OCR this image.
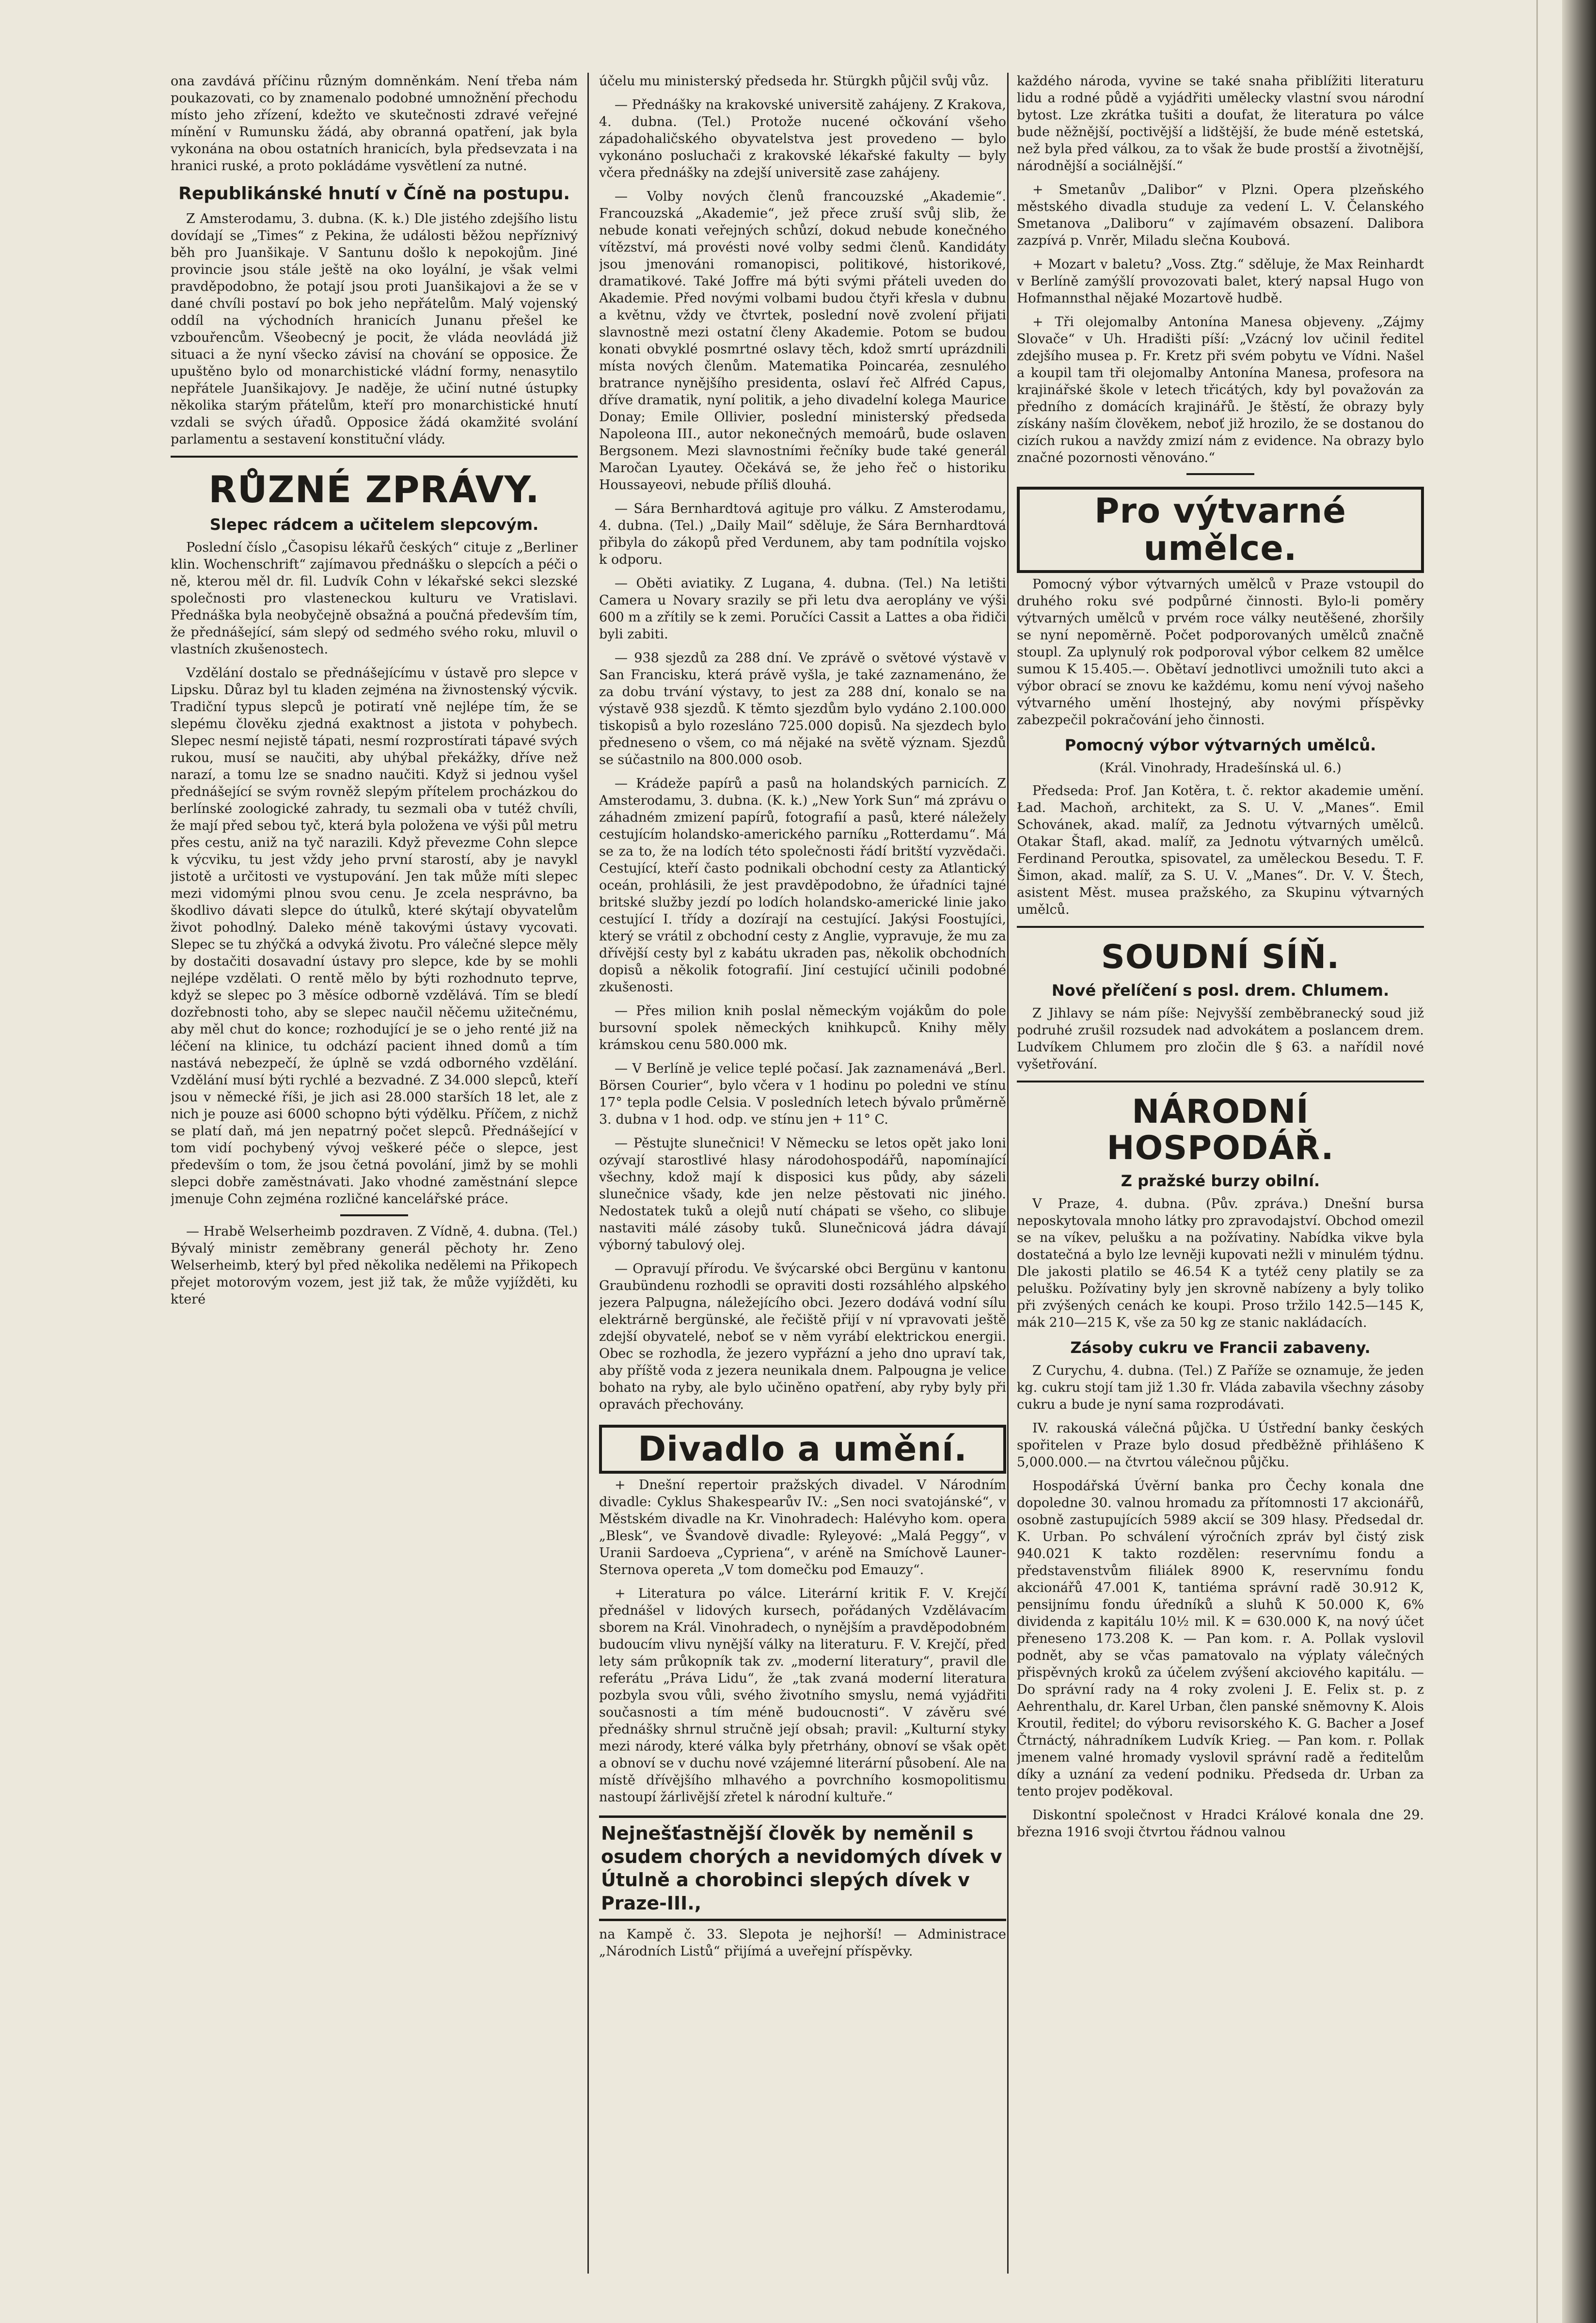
ona zavdává příčinu různým domněnkám. Není třeba nám poukazovati, co by znamenalo podobné umnožnění přechodu místo jeho zřízení, kdežto ve skutečnosti zdravé veřejné mínění v Rumunsku žádá, aby obranná opatření, jak byla vykonána na obou ostatních hranicích, byla předsevzata i na hranici ruské, a proto pokládáme vysvětlení za nutné.

Republikánské hnutí v Číně na postupu.

Z Amsterodamu, 3. dubna. (K. k.) Dle jistého zdejšího listu dovídají se „Times“ z Pekina, že události běžou nepříznivý běh pro Juanšikaje. V Santunu došlo k nepokojům. Jiné provincie jsou stále ještě na oko loyální, je však velmi pravděpodobno, že potají jsou proti Juanšikajovi a že se v dané chvíli postaví po bok jeho nepřátelům. Malý vojenský oddíl na východních hranicích Junanu přešel ke vzbouřencům. Všeobecný je pocit, že vláda neovládá již situaci a že nyní všecko závisí na chování se opposice. Že upuštěno bylo od monarchistické vládní formy, nenasytilo nepřátele Juanšikajovy. Je naděje, že učiní nutné ústupky několika starým přátelům, kteří pro monarchistické hnutí vzdali se svých úřadů. Opposice žádá okamžité svolání parlamentu a sestavení konstituční vlády.

RŮZNÉ ZPRÁVY.
Slepec rádcem a učitelem slepcovým.

Poslední číslo „Časopisu lékařů českých“ cituje z „Berliner klin. Wochenschrift“ zajímavou přednášku o slepcích a péči o ně, kterou měl dr. fil. Ludvík Cohn v lékařské sekci slezské společnosti pro vlasteneckou kulturu ve Vratislavi. Přednáška byla neobyčejně obsažná a poučná především tím, že přednášející, sám slepý od sedmého svého roku, mluvil o vlastních zkušenostech.

Vzdělání dostalo se přednášejícímu v ústavě pro slepce v Lipsku. Důraz byl tu kladen zejména na živnostenský výcvik. Tradiční typus slepců je potiratí vně nejlépe tím, že se slepému člověku zjedná exaktnost a jistota v pohybech. Slepec nesmí nejistě tápati, nesmí rozprostírati tápavé svých rukou, musí se naučiti, aby uhýbal překážky, dříve než narazí, a tomu lze se snadno naučiti. Když si jednou vyšel přednášející se svým rovněž slepým přítelem procházkou do berlínské zoologické zahrady, tu sezmali oba v tutéž chvíli, že mají před sebou tyč, která byla položena ve výši půl metru přes cestu, aniž na tyč narazili. Když převezme Cohn slepce k výcviku, tu jest vždy jeho první starostí, aby je navykl jistotě a určitosti ve vystupování. Jen tak může míti slepec mezi vidomými plnou svou cenu. Je zcela nesprávno, ba škodlivo dávati slepce do útulků, které skýtají obyvatelům život pohodlný. Daleko méně takovými ústavy vycovati. Slepec se tu zhýčká a odvyká životu. Pro válečné slepce měly by dostačiti dosavadní ústavy pro slepce, kde by se mohli nejlépe vzdělati. O rentě mělo by býti rozhodnuto teprve, když se slepec po 3 měsíce odborně vzdělává. Tím se bledí dozřebnosti toho, aby se slepec naučil něčemu užitečnému, aby měl chut do konce; rozhodující je se o jeho renté již na léčení na klinice, tu odchází pacient ihned domů a tím nastává nebezpečí, že úplně se vzdá odborného vzdělání. Vzdělání musí býti rychlé a bezvadné. Z 34.000 slepců, kteří jsou v německé říši, je jich asi 28.000 starších 18 let, ale z nich je pouze asi 6000 schopno býti výdělku. Příčem, z nichž se platí daň, má jen nepatrný počet slepců. Přednášející v tom vidí pochybený vývoj veškeré péče o slepce, jest především o tom, že jsou četná povolání, jimž by se mohli slepci dobře zaměstnávati. Jako vhodné zaměstnání slepce jmenuje Cohn zejména rozličné kancelářské práce.

— Hrabě Welserheimb pozdraven. Z Vídně, 4. dubna. (Tel.) Bývalý ministr zeměbrany generál pěchoty hr. Zeno Welserheimb, který byl před několika nedělemi na Přikopech přejet motorovým vozem, jest již tak, že může vyjížděti, ku které

účelu mu ministerský předseda hr. Stürgkh půjčil svůj vůz.

— Přednášky na krakovské universitě zahájeny. Z Krakova, 4. dubna. (Tel.) Protože nucené očkování všeho západohaličského obyvatelstva jest provedeno — bylo vykonáno posluchači z krakovské lékařské fakulty — byly včera přednášky na zdejší universitě zase zahájeny.

— Volby nových členů francouzské „Akademie“. Francouzská „Akademie“, jež přece zruší svůj slib, že nebude konati veřejných schůzí, dokud nebude konečného vítězství, má provésti nové volby sedmi členů. Kandidáty jsou jmenováni romanopisci, politikové, historikové, dramatikové. Také Joffre má býti svými přáteli uveden do Akademie. Před novými volbami budou čtyři křesla v dubnu a květnu, vždy ve čtvrtek, poslední nově zvolení přijati slavnostně mezi ostatní členy Akademie. Potom se budou konati obvyklé posmrtné oslavy těch, kdož smrtí uprázdnili místa nových členům. Matematika Poincaréa, zesnulého bratrance nynějšího presidenta, oslaví řeč Alfréd Capus, dříve dramatik, nyní politik, a jeho divadelní kolega Maurice Donay; Emile Ollivier, poslední ministerský předseda Napoleona III., autor nekonečných memoárů, bude oslaven Bergsonem. Mezi slavnostními řečníky bude také generál Maročan Lyautey. Očekává se, že jeho řeč o historiku Houssayeovi, nebude příliš dlouhá.

— Sára Bernhardtová agituje pro válku. Z Amsterodamu, 4. dubna. (Tel.) „Daily Mail“ sděluje, že Sára Bernhardtová přibyla do zákopů před Verdunem, aby tam podnítila vojsko k odporu.

— Oběti aviatiky. Z Lugana, 4. dubna. (Tel.) Na letišti Camera u Novary srazily se při letu dva aeroplány ve výši 600 m a zřítily se k zemi. Poručíci Cassit a Lattes a oba řidiči byli zabiti.

— 938 sjezdů za 288 dní. Ve zprávě o světové výstavě v San Francisku, která právě vyšla, je také zaznamenáno, že za dobu trvání výstavy, to jest za 288 dní, konalo se na výstavě 938 sjezdů. K těmto sjezdům bylo vydáno 2.100.000 tiskopisů a bylo rozesláno 725.000 dopisů. Na sjezdech bylo předneseno o všem, co má nějaké na světě význam. Sjezdů se súčastnilo na 800.000 osob.

— Krádeže papírů a pasů na holandských parnicích. Z Amsterodamu, 3. dubna. (K. k.) „New York Sun“ má zprávu o záhadném zmizení papírů, fotografií a pasů, které náležely cestujícím holandsko-amerického parníku „Rotterdamu“. Má se za to, že na lodích této společnosti řádí britští vyzvědači. Cestující, kteří často podnikali obchodní cesty za Atlantický oceán, prohlásili, že jest pravděpodobno, že úřadníci tajné britské služby jezdí po lodích holandsko-americké linie jako cestující I. třídy a dozírají na cestující. Jakýsi Foostujíci, který se vrátil z obchodní cesty z Anglie, vypravuje, že mu za dřívější cesty byl z kabátu ukraden pas, několik obchodních dopisů a několik fotografií. Jiní cestující učinili podobné zkušenosti.

— Přes milion knih poslal německým vojákům do pole bursovní spolek německých knihkupců. Knihy měly krámskou cenu 580.000 mk.

— V Berlíně je velice teplé počasí. Jak zaznamenává „Berl. Börsen Courier“, bylo včera v 1 hodinu po poledni ve stínu 17° tepla podle Celsia. V posledních letech bývalo průměrně 3. dubna v 1 hod. odp. ve stínu jen + 11° C.

— Pěstujte slunečnici! V Německu se letos opět jako loni ozývají starostlivé hlasy národohospodářů, napomínající všechny, kdož mají k disposici kus půdy, aby sázeli slunečnice všady, kde jen nelze pěstovati nic jiného. Nedostatek tuků a olejů nutí chápati se všeho, co slibuje nastaviti málé zásoby tuků. Slunečnicová jádra dávají výborný tabulový olej.

— Opravují přírodu. Ve švýcarské obci Bergünu v kantonu Graubündenu rozhodli se opraviti dosti rozsáhlého alpského jezera Palpugna, náležejícího obci. Jezero dodává vodní sílu elektrárně bergünské, ale řečiště přijí v ní vpravovati ještě zdejší obyvatelé, neboť se v něm vyrábí elektrickou energii. Obec se rozhodla, že jezero vypřázní a jeho dno upraví tak, aby příště voda z jezera neunikala dnem. Palpougna je velice bohato na ryby, ale bylo učiněno opatření, aby ryby byly při opravách přechovány.

Divadlo a umění.

+ Dnešní repertoir pražských divadel. V Národním divadle: Cyklus Shakespearův IV.: „Sen noci svatojánské“, v Městském divadle na Kr. Vinohradech: Halévyho kom. opera „Blesk“, ve Švandově divadle: Ryleyové: „Malá Peggy“, v Uranii Sardoeva „Cypriena“, v aréně na Smíchově Launer-Sternova opereta „V tom domečku pod Emauzy“.

+ Literatura po válce. Literární kritik F. V. Krejčí přednášel v lidových kursech, pořádaných Vzdělávacím sborem na Král. Vinohradech, o nynějším a pravděpodobném budoucím vlivu nynější války na literaturu. F. V. Krejčí, před lety sám průkopník tak zv. „moderní literatury“, pravil dle referátu „Práva Lidu“, že „tak zvaná moderní literatura pozbyla svou vůli, svého životního smyslu, nemá vyjádřiti současnosti a tím méně budoucnosti“. V závěru své přednášky shrnul stručně její obsah; pravil: „Kulturní styky mezi národy, které válka byly přetrhány, obnoví se však opět a obnoví se v duchu nové vzájemné literární působení. Ale na místě dřívějšího mlhavého a povrchního kosmopolitismu nastoupí žárlivější zřetel k národní kultuře.“

Nejnešťastnější člověk by neměnil s osudem chorých a nevidomých dívek v Útulně a chorobinci slepých dívek v Praze-III.,

na Kampě č. 33. Slepota je nejhorší! — Administrace „Národních Listů“ přijímá a uveřejní příspěvky.

každého národa, vyvine se také snaha přiblížiti literaturu lidu a rodné půdě a vyjádřiti umělecky vlastní svou národní bytost. Lze zkrátka tušiti a doufat, že literatura po válce bude něžnější, poctivější a lidštější, že bude méně estetská, než byla před válkou, za to však že bude prostší a životnější, národnější a sociálnější.“

+ Smetanův „Dalibor“ v Plzni. Opera plzeňského městského divadla studuje za vedení L. V. Čelanského Smetanova „Daliboru“ v zajímavém obsazení. Dalibora zazpívá p. Vnrěr, Miladu slečna Koubová.

+ Mozart v baletu? „Voss. Ztg.“ sděluje, že Max Reinhardt v Berlíně zamýšlí provozovati balet, který napsal Hugo von Hofmannsthal nějaké Mozartově hudbě.

+ Tři olejomalby Antonína Manesa objeveny. „Zájmy Slovače“ v Uh. Hradišti píší: „Vzácný lov učinil ředitel zdejšího musea p. Fr. Kretz při svém pobytu ve Vídni. Našel a koupil tam tři olejomalby Antonína Manesa, profesora na krajinářské škole v letech třicátých, kdy byl považován za předního z domácích krajinářů. Je štěstí, že obrazy byly získány naším člověkem, neboť již hrozilo, že se dostanou do cizích rukou a navždy zmizí nám z evidence. Na obrazy bylo značné pozornosti věnováno.“

Pro výtvarné umělce.

Pomocný výbor výtvarných umělců v Praze vstoupil do druhého roku své podpůrné činnosti. Bylo-li poměry výtvarných umělců v prvém roce války neutěšené, zhoršily se nyní nepoměrně. Počet podporovaných umělců značně stoupl. Za uplynulý rok podporoval výbor celkem 82 umělce sumou K 15.405.—. Obětaví jednotlivci umožnili tuto akci a výbor obrací se znovu ke každému, komu není vývoj našeho výtvarného umění lhostejný, aby novými příspěvky zabezpečil pokračování jeho činnosti.

Pomocný výbor výtvarných umělců.
(Král. Vinohrady, Hradešínská ul. 6.)

Předseda: Prof. Jan Kotěra, t. č. rektor akademie umění. Ład. Machoň, architekt, za S. U. V. „Manes“. Emil Schovánek, akad. malíř, za Jednotu výtvarných umělců. Otakar Štafl, akad. malíř, za Jednotu výtvarných umělců. Ferdinand Peroutka, spisovatel, za uměleckou Besedu. T. F. Šimon, akad. malíř, za S. U. V. „Manes“. Dr. V. V. Štech, asistent Měst. musea pražského, za Skupinu výtvarných umělců.

SOUDNÍ SÍŇ.
Nové přelíčení s posl. drem. Chlumem.

Z Jihlavy se nám píše: Nejvyšší zemběbranecký soud již podruhé zrušil rozsudek nad advokátem a poslancem drem. Ludvíkem Chlumem pro zločin dle § 63. a nařídil nové vyšetřování.

NÁRODNÍ HOSPODÁŘ.
Z pražské burzy obilní.

V Praze, 4. dubna. (Pův. zpráva.) Dnešní bursa neposkytovala mnoho látky pro zpravodajství. Obchod omezil se na víkev, pelušku a na požívatiny. Nabídka vikve byla dostatečná a bylo lze levněji kupovati nežli v minulém týdnu. Dle jakosti platilo se 46.54 K a tytéž ceny platily se za pelušku. Požívatiny byly jen skrovně nabízeny a byly toliko při zvýšených cenách ke koupi. Proso tržilo 142.5—145 K, mák 210—215 K, vše za 50 kg ze stanic nakládacích.

Zásoby cukru ve Francii zabaveny.

Z Curychu, 4. dubna. (Tel.) Z Paříže se oznamuje, že jeden kg. cukru stojí tam již 1.30 fr. Vláda zabavila všechny zásoby cukru a bude je nyní sama rozprodávati.

IV. rakouská válečná půjčka. U Ústřední banky českých spořitelen v Praze bylo dosud předběžně přihlášeno K 5,000.000.— na čtvrtou válečnou půjčku.

Hospodářská Úvěrní banka pro Čechy konala dne dopoledne 30. valnou hromadu za přítomnosti 17 akcionářů, osobně zastupujících 5989 akcií se 309 hlasy. Předsedal dr. K. Urban. Po schválení výročních zpráv byl čistý zisk 940.021 K takto rozdělen: reservnímu fondu a představenstvům filiálek 8900 K, reservnímu fondu akcionářů 47.001 K, tantiéma správní radě 30.912 K, pensijnímu fondu úředníků a sluhů K 50.000 K, 6% dividenda z kapitálu 10½ mil. K = 630.000 K, na nový účet přeneseno 173.208 K. — Pan kom. r. A. Pollak vyslovil podnět, aby se včas pamatovalo na výplaty válečných přispěvných kroků za účelem zvýšení akciového kapitálu. — Do správní rady na 4 roky zvoleni J. E. Felix st. p. z Aehrenthalu, dr. Karel Urban, člen panské sněmovny K. Alois Kroutil, ředitel; do výboru revisorského K. G. Bacher a Josef Čtrnáctý, náhradníkem Ludvík Krieg. — Pan kom. r. Pollak jmenem valné hromady vyslovil správní radě a ředitelům díky a uznání za vedení podniku. Předseda dr. Urban za tento projev poděkoval.

Diskontní společnost v Hradci Králové konala dne 29. března 1916 svoji čtvrtou řádnou valnou
